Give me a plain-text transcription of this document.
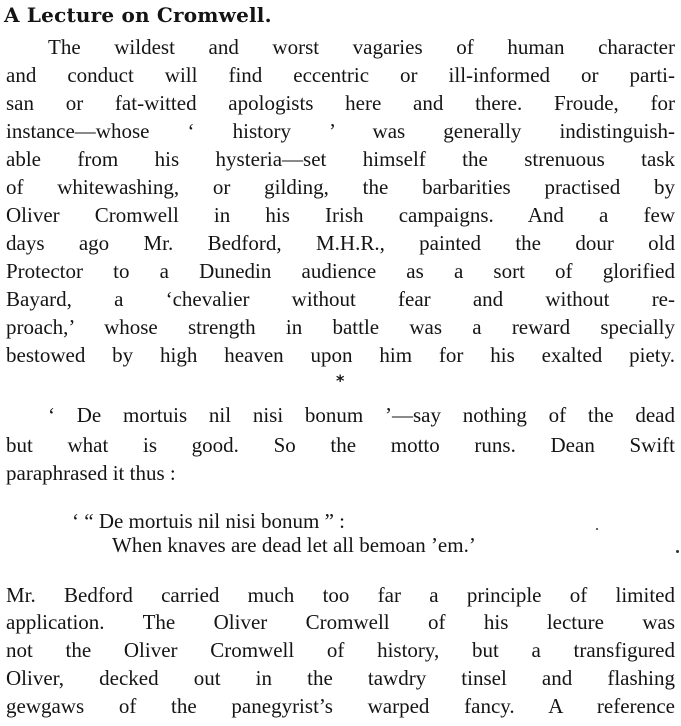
A Lecture on Cromwell.
The wildest and worst vagaries of human character
and conduct will find eccentric or ill-informed or parti-
san or fat-witted apologists here and there. Froude, for
instance—whose ‘ history ’ was generally indistinguish-
able from his hysteria—set himself the strenuous task
of whitewashing, or gilding, the barbarities practised by
Oliver Cromwell in his Irish campaigns. And a few
days ago Mr. Bedford, M.H.R., painted the dour old
Protector to a Dunedin audience as a sort of glorified
Bayard, a ‘chevalier without fear and without re-
proach,’ whose strength in battle was a reward specially
bestowed by high heaven upon him for his exalted piety.
*
‘ De mortuis nil nisi bonum ’—say nothing of the dead
but what is good. So the motto runs. Dean Swift
paraphrased it thus :
‘ “ De mortuis nil nisi bonum ” :
When knaves are dead let all bemoan ’em.’
Mr. Bedford carried much too far a principle of limited
application. The Oliver Cromwell of his lecture was
not the Oliver Cromwell of history, but a transfigured
Oliver, decked out in the tawdry tinsel and flashing
gewgaws of the panegyrist’s warped fancy. A reference
